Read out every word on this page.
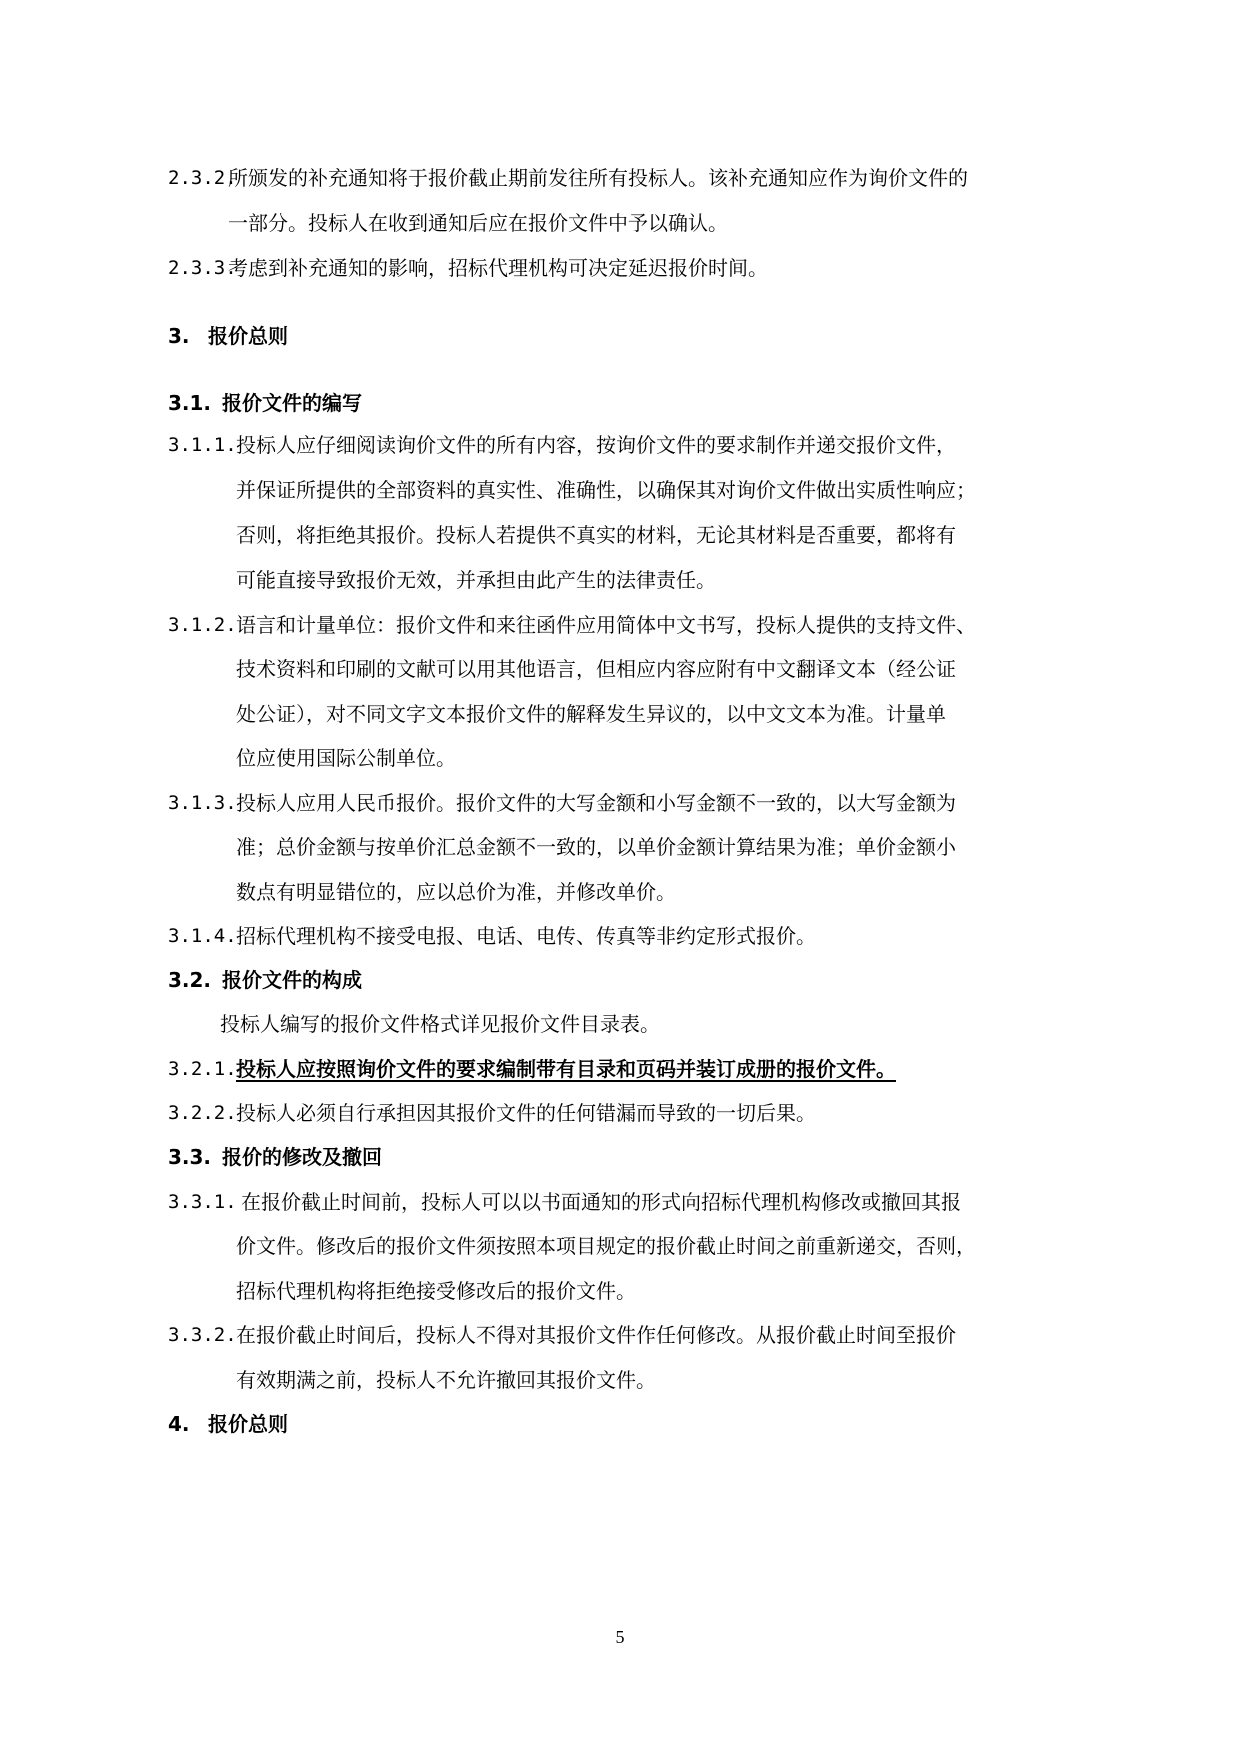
2.3.2.
所颁发的补充通知将于报价截止期前发往所有投标人。该补充通知应作为询价文件的
一部分。投标人在收到通知后应在报价文件中予以确认。
2.3.3.
考虑到补充通知的影响，招标代理机构可决定延迟报价时间。
3. 报价总则
3.1. 报价文件的编写
3.1.1. 投标人应仔细阅读询价文件的所有内容，按询价文件的要求制作并递交报价文件，
并保证所提供的全部资料的真实性、准确性，以确保其对询价文件做出实质性响应；
否则，将拒绝其报价。投标人若提供不真实的材料，无论其材料是否重要，都将有
可能直接导致报价无效，并承担由此产生的法律责任。
3.1.2. 语言和计量单位：报价文件和来往函件应用简体中文书写，投标人提供的支持文件、
技术资料和印刷的文献可以用其他语言，但相应内容应附有中文翻译文本（经公证
处公证），对不同文字文本报价文件的解释发生异议的，以中文文本为准。计量单
位应使用国际公制单位。
3.1.3. 投标人应用人民币报价。报价文件的大写金额和小写金额不一致的，以大写金额为
准；总价金额与按单价汇总金额不一致的，以单价金额计算结果为准；单价金额小
数点有明显错位的，应以总价为准，并修改单价。
3.1.4. 招标代理机构不接受电报、电话、电传、传真等非约定形式报价。
3.2. 报价文件的构成
投标人编写的报价文件格式详见报价文件目录表。
3.2.1. 投标人应按照询价文件的要求编制带有目录和页码并装订成册的报价文件。
3.2.2. 投标人必须自行承担因其报价文件的任何错漏而导致的一切后果。
3.3. 报价的修改及撤回
3.3.1. 在报价截止时间前，投标人可以以书面通知的形式向招标代理机构修改或撤回其报
价文件。修改后的报价文件须按照本项目规定的报价截止时间之前重新递交，否则，
招标代理机构将拒绝接受修改后的报价文件。
3.3.2. 在报价截止时间后，投标人不得对其报价文件作任何修改。从报价截止时间至报价
有效期满之前，投标人不允许撤回其报价文件。
4. 报价总则
5
